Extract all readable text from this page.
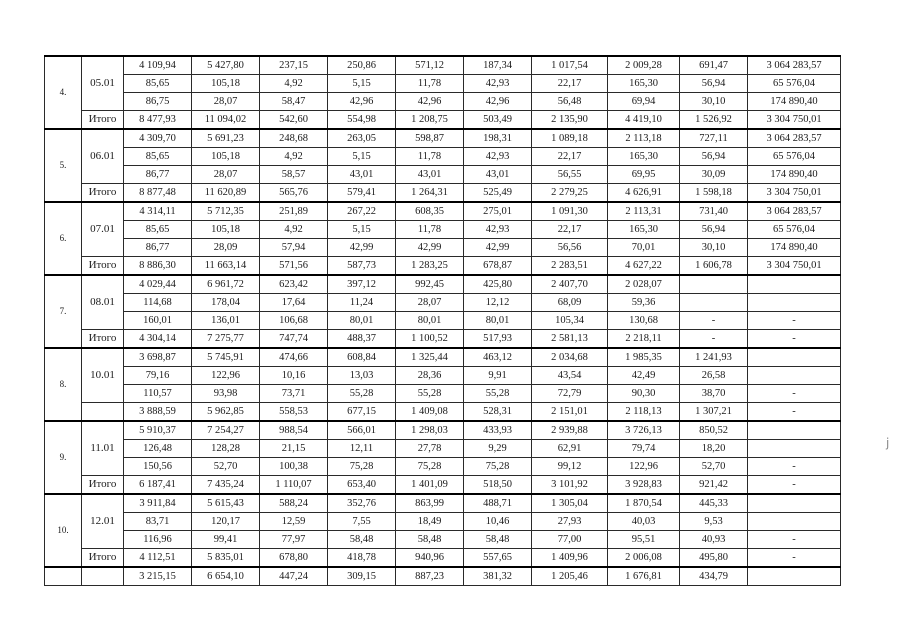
4.	05.01	4 109,94	5 427,80	237,15	250,86	571,12	187,34	1 017,54	2 009,28	691,47	3 064 283,57
		85,65	105,18	4,92	5,15	11,78	42,93	22,17	165,30	56,94	65 576,04
		86,75	28,07	58,47	42,96	42,96	42,96	56,48	69,94	30,10	174 890,40
	Итого	8 477,93	11 094,02	542,60	554,98	1 208,75	503,49	2 135,90	4 419,10	1 526,92	3 304 750,01
5.	06.01	4 309,70	5 691,23	248,68	263,05	598,87	198,31	1 089,18	2 113,18	727,11	3 064 283,57
		85,65	105,18	4,92	5,15	11,78	42,93	22,17	165,30	56,94	65 576,04
		86,77	28,07	58,57	43,01	43,01	43,01	56,55	69,95	30,09	174 890,40
	Итого	8 877,48	11 620,89	565,76	579,41	1 264,31	525,49	2 279,25	4 626,91	1 598,18	3 304 750,01
6.	07.01	4 314,11	5 712,35	251,89	267,22	608,35	275,01	1 091,30	2 113,31	731,40	3 064 283,57
		85,65	105,18	4,92	5,15	11,78	42,93	22,17	165,30	56,94	65 576,04
		86,77	28,09	57,94	42,99	42,99	42,99	56,56	70,01	30,10	174 890,40
	Итого	8 886,30	11 663,14	571,56	587,73	1 283,25	678,87	2 283,51	4 627,22	1 606,78	3 304 750,01
7.	08.01	4 029,44	6 961,72	623,42	397,12	992,45	425,80	2 407,70	2 028,07		
		114,68	178,04	17,64	11,24	28,07	12,12	68,09	59,36		
		160,01	136,01	106,68	80,01	80,01	80,01	105,34	130,68	-	-
	Итого	4 304,14	7 275,77	747,74	488,37	1 100,52	517,93	2 581,13	2 218,11	-	-
8.	10.01	3 698,87	5 745,91	474,66	608,84	1 325,44	463,12	2 034,68	1 985,35	1 241,93	
		79,16	122,96	10,16	13,03	28,36	9,91	43,54	42,49	26,58	
		110,57	93,98	73,71	55,28	55,28	55,28	72,79	90,30	38,70	-
		3 888,59	5 962,85	558,53	677,15	1 409,08	528,31	2 151,01	2 118,13	1 307,21	-
9.	11.01	5 910,37	7 254,27	988,54	566,01	1 298,03	433,93	2 939,88	3 726,13	850,52	
		126,48	128,28	21,15	12,11	27,78	9,29	62,91	79,74	18,20	
		150,56	52,70	100,38	75,28	75,28	75,28	99,12	122,96	52,70	-
	Итого	6 187,41	7 435,24	1 110,07	653,40	1 401,09	518,50	3 101,92	3 928,83	921,42	-
10.	12.01	3 911,84	5 615,43	588,24	352,76	863,99	488,71	1 305,04	1 870,54	445,33	
		83,71	120,17	12,59	7,55	18,49	10,46	27,93	40,03	9,53	
		116,96	99,41	77,97	58,48	58,48	58,48	77,00	95,51	40,93	-
	Итого	4 112,51	5 835,01	678,80	418,78	940,96	557,65	1 409,96	2 006,08	495,80	-
		3 215,15	6 654,10	447,24	309,15	887,23	381,32	1 205,46	1 676,81	434,79	
j
